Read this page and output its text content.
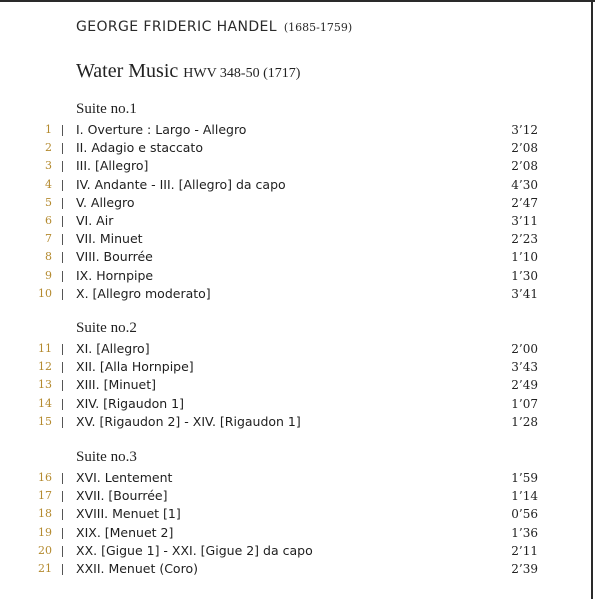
GEORGE FRIDERIC HANDEL (1685-1759)
Water Music HWV 348-50 (1717)
Suite no.1
1 I. Overture : Largo - Allegro	3’12
2 II. Adagio e staccato	2’08
3 III. [Allegro]	2’08
4 IV. Andante - III. [Allegro] da capo	4’30
5 V. Allegro	2’47
6 VI. Air	3’11
7 VII. Minuet	2’23
8 VIII. Bourrée	1’10
9 IX. Hornpipe	1’30
10 X. [Allegro moderato]	3’41
Suite no.2
11 XI. [Allegro]	2’00
12 XII. [Alla Hornpipe]	3’43
13 XIII. [Minuet]	2’49
14 XIV. [Rigaudon 1]	1’07
15 XV. [Rigaudon 2] - XIV. [Rigaudon 1]	1’28
Suite no.3
16 XVI. Lentement	1’59
17 XVII. [Bourrée]	1’14
18 XVIII. Menuet [1]	0’56
19 XIX. [Menuet 2]	1’36
20 XX. [Gigue 1] - XXI. [Gigue 2] da capo	2’11
21 XXII. Menuet (Coro)	2’39
